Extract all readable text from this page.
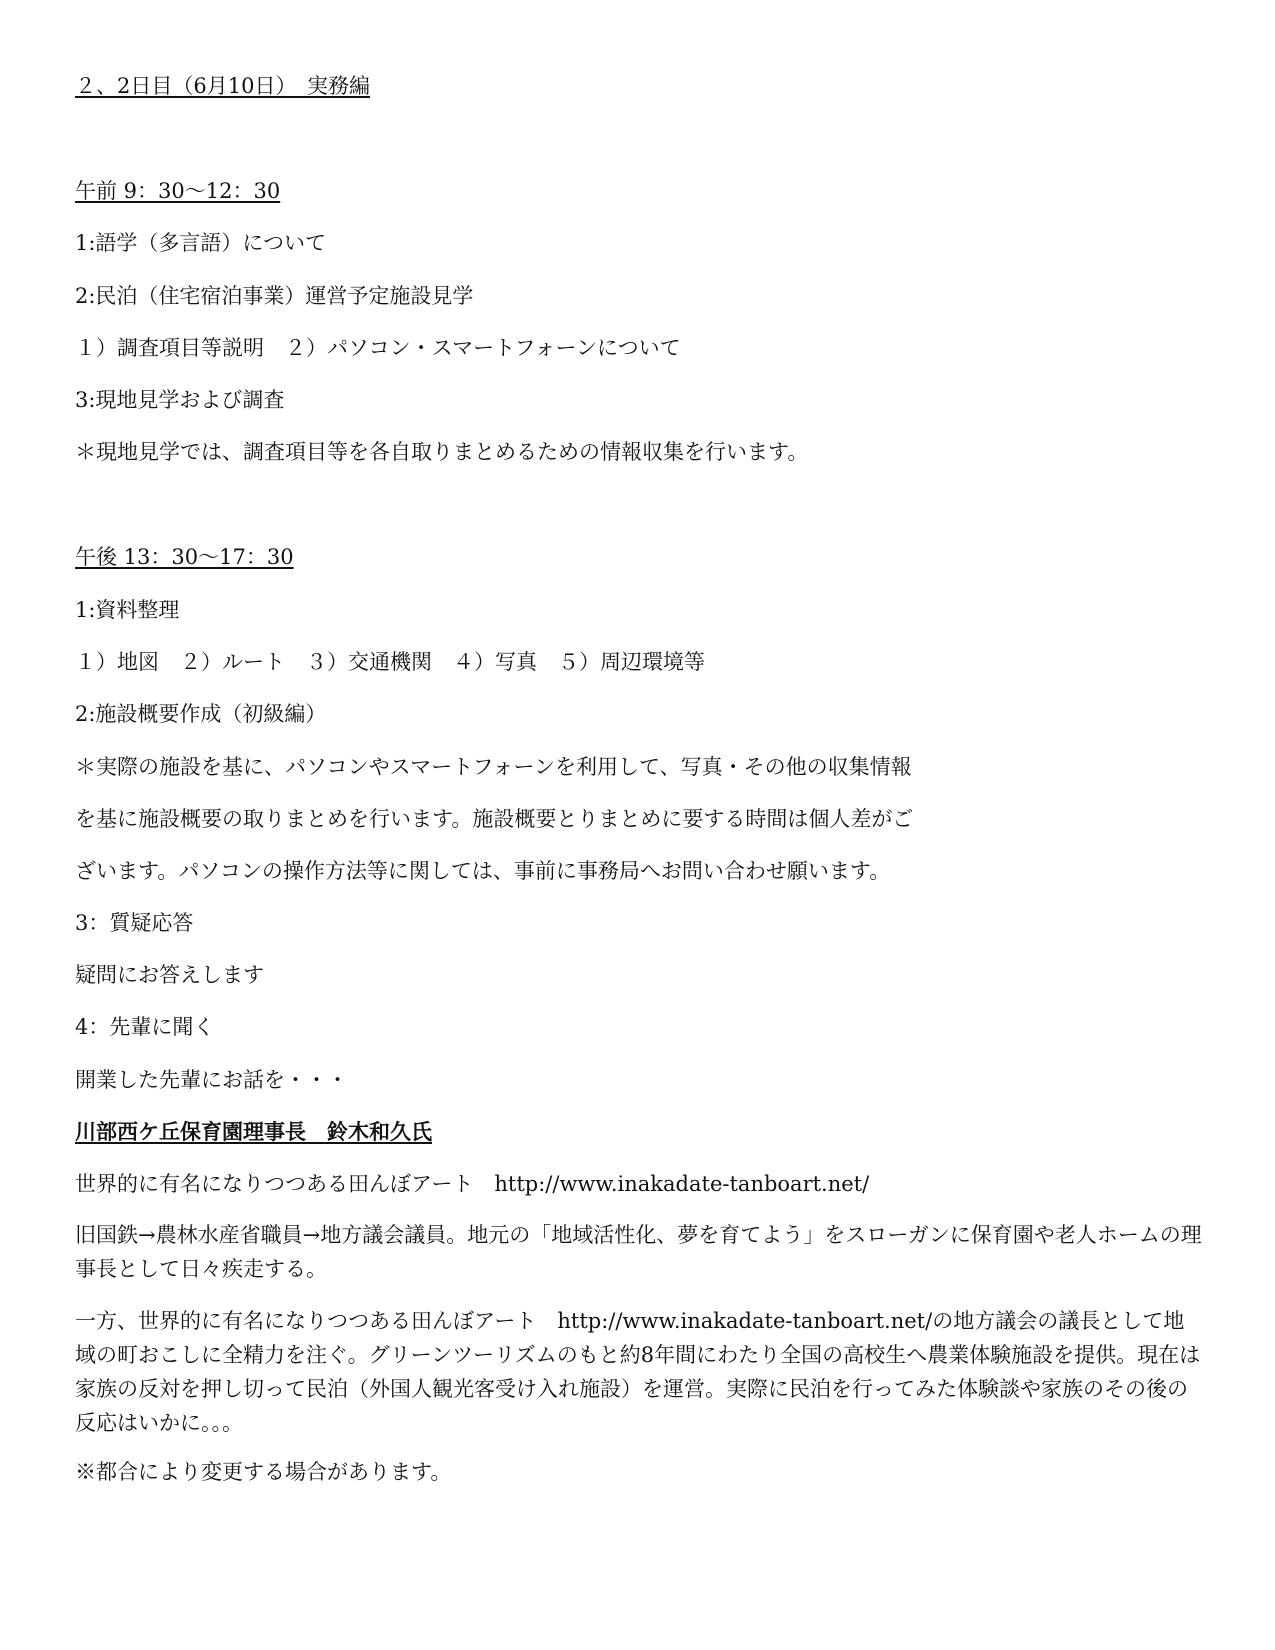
２、2日目（6月10日）　実務編
午前 9：30〜12：30
1:語学（多言語）について
2:民泊（住宅宿泊事業）運営予定施設見学
１）調査項目等説明　２）パソコン・スマートフォーンについて
3:現地見学および調査
＊現地見学では、調査項目等を各自取りまとめるための情報収集を行います。
午後 13：30〜17：30
1:資料整理
１）地図　２）ルート　３）交通機関　４）写真　５）周辺環境等
2:施設概要作成（初級編）
＊実際の施設を基に、パソコンやスマートフォーンを利用して、写真・その他の収集情報
を基に施設概要の取りまとめを行います。施設概要とりまとめに要する時間は個人差がご
ざいます。パソコンの操作方法等に関しては、事前に事務局へお問い合わせ願います。
3：質疑応答
疑問にお答えします
4：先輩に聞く
開業した先輩にお話を・・・
川部西ケ丘保育園理事長　鈴木和久氏
世界的に有名になりつつある田んぼアート　http://www.inakadate-tanboart.net/
旧国鉄→農林水産省職員→地方議会議員。地元の「地域活性化、夢を育てよう」をスローガンに保育園や老人ホームの理事長として日々疾走する。
一方、世界的に有名になりつつある田んぼアート　http://www.inakadate-tanboart.net/の地方議会の議長として地域の町おこしに全精力を注ぐ。グリーンツーリズムのもと約8年間にわたり全国の高校生へ農業体験施設を提供。現在は家族の反対を押し切って民泊（外国人観光客受け入れ施設）を運営。実際に民泊を行ってみた体験談や家族のその後の反応はいかに。。。
※都合により変更する場合があります。
